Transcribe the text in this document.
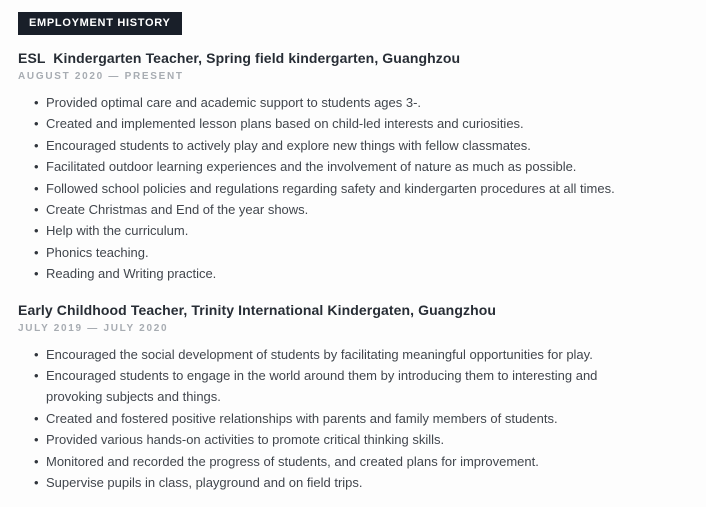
EMPLOYMENT HISTORY
ESL  Kindergarten Teacher, Spring field kindergarten, Guanghzou
AUGUST 2020 — PRESENT
• Provided optimal care and academic support to students ages 3-.
• Created and implemented lesson plans based on child-led interests and curiosities.
• Encouraged students to actively play and explore new things with fellow classmates.
• Facilitated outdoor learning experiences and the involvement of nature as much as possible.
• Followed school policies and regulations regarding safety and kindergarten procedures at all times.
• Create Christmas and End of the year shows.
• Help with the curriculum.
• Phonics teaching.
• Reading and Writing practice.
Early Childhood Teacher, Trinity International Kindergaten, Guangzhou
JULY 2019 — JULY 2020
• Encouraged the social development of students by facilitating meaningful opportunities for play.
• Encouraged students to engage in the world around them by introducing them to interesting and provoking subjects and things.
• Created and fostered positive relationships with parents and family members of students.
• Provided various hands-on activities to promote critical thinking skills.
• Monitored and recorded the progress of students, and created plans for improvement.
• Supervise pupils in class, playground and on field trips.
